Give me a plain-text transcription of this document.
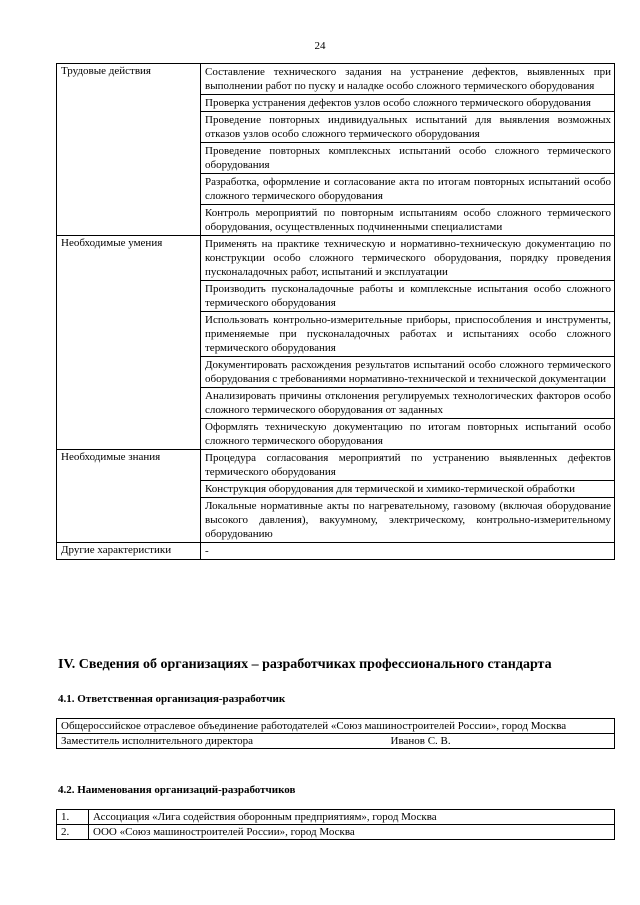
24
Трудовые действия	Составление технического задания на устранение дефектов, выявленных при выполнении работ по пуску и наладке особо сложного термического оборудования
	Проверка устранения дефектов узлов особо сложного термического оборудования
	Проведение повторных индивидуальных испытаний для выявления возможных отказов узлов особо сложного термического оборудования
	Проведение повторных комплексных испытаний особо сложного термического оборудования
	Разработка, оформление и согласование акта по итогам повторных испытаний особо сложного термического оборудования
	Контроль мероприятий по повторным испытаниям особо сложного термического оборудования, осуществленных подчиненными специалистами
Необходимые умения	Применять на практике техническую и нормативно-техническую документацию по конструкции особо сложного термического оборудования, порядку проведения пусконаладочных работ, испытаний и эксплуатации
	Производить пусконаладочные работы и комплексные испытания особо сложного термического оборудования
	Использовать контрольно-измерительные приборы, приспособления и инструменты, применяемые при пусконаладочных работах и испытаниях особо сложного термического оборудования
	Документировать расхождения результатов испытаний особо сложного термического оборудования с требованиями нормативно-технической и технической документации
	Анализировать причины отклонения регулируемых технологических факторов особо сложного термического оборудования от заданных
	Оформлять техническую документацию по итогам повторных испытаний особо сложного термического оборудования
Необходимые знания	Процедура согласования мероприятий по устранению выявленных дефектов термического оборудования
	Конструкция оборудования для термической и химико-термической обработки
	Локальные нормативные акты по нагревательному, газовому (включая оборудование высокого давления), вакуумному, электрическому, контрольно-измерительному оборудованию
Другие характеристики	-
IV. Сведения об организациях – разработчиках профессионального стандарта
4.1. Ответственная организация-разработчик
Общероссийское отраслевое объединение работодателей «Союз машиностроителей России», город Москва
Заместитель исполнительного директора	Иванов С. В.
4.2. Наименования организаций-разработчиков
1.	Ассоциация «Лига содействия оборонным предприятиям», город Москва
2.	ООО «Союз машиностроителей России», город Москва
